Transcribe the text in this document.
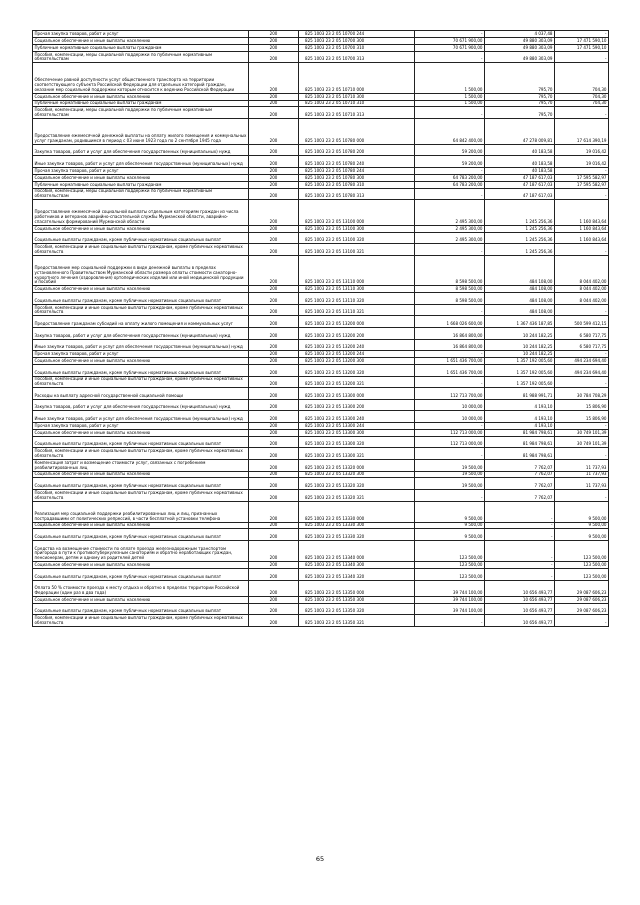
Прочая закупка товаров, работ и услуг	200	825 1003 23 2 05 10700 244	-	4 037,48	-
Социальное обеспечение и иные выплаты населению	200	825 1003 23 2 05 10700 300	70 671 900,00	49 880 303,09	17 471 590,10
Публичные нормативные социальные выплаты гражданам	200	825 1003 23 2 05 10700 310	70 671 900,00	49 880 303,09	17 471 590,10
Пособия, компенсации, меры социальной поддержки по публичным нормативным обязательствам	200	825 1003 23 2 05 10700 313	-	49 880 303,09	-
Обеспечение равной доступности услуг общественного транспорта на территории соответствующего субъекта Российской Федерации для отдельных категорий граждан, оказание мер социальной поддержки которым относится к ведению Российской Федерации	200	825 1003 23 2 05 10710 000	1 500,00	795,70	704,30
Социальное обеспечение и иные выплаты населению	200	825 1003 23 2 05 10710 300	1 500,00	795,70	704,30
Публичные нормативные социальные выплаты гражданам	200	825 1003 23 2 05 10710 310	1 500,00	795,70	704,30
Пособия, компенсации, меры социальной поддержки по публичным нормативным обязательствам	200	825 1003 23 2 05 10710 313	-	795,70	-
Предоставление ежемесячной денежной выплаты на оплату жилого помещения и коммунальных услуг гражданам, родившимся в период с 03 июня 1923 года по 2 сентября 1945 года	200	825 1003 23 2 05 10780 000	64 842 400,00	47 278 009,81	17 614 390,19
Закупка товаров, работ и услуг для обеспечения государственных (муниципальных) нужд	200	825 1003 23 2 05 10780 200	59 200,00	40 183,58	19 016,42
Иные закупки товаров, работ и услуг для обеспечения государственных (муниципальных) нужд	200	825 1003 23 2 05 10780 240	59 200,00	40 183,58	19 016,42
Прочая закупка товаров, работ и услуг	200	825 1003 23 2 05 10780 244	-	40 183,58	-
Социальное обеспечение и иные выплаты населению	200	825 1003 23 2 05 10780 300	64 783 200,00	47 187 617,03	17 595 582,97
Публичные нормативные социальные выплаты гражданам	200	825 1003 23 2 05 10780 310	64 783 200,00	47 187 617,03	17 595 582,97
Пособия, компенсации, меры социальной поддержки по публичным нормативным обязательствам	200	825 1003 23 2 05 10780 313	-	47 187 617,03	-
Предоставление ежемесячной социальной выплаты отдельным категориям граждан из числа работников и ветеранов аварийно-спасательной службы Мурманской области, аварийно-спасательных формирований Мурманской области	200	825 1003 23 2 05 13100 000	2 495 300,00	1 245 256,36	1 160 843,64
Социальное обеспечение и иные выплаты населению	200	825 1003 23 2 05 13100 300	2 495 300,00	1 245 256,36	1 160 843,64
Социальные выплаты гражданам, кроме публичных нормативных социальных выплат	200	825 1003 23 2 05 13100 320	2 495 300,00	1 245 256,36	1 160 843,64
Пособия, компенсации и иные социальные выплаты гражданам, кроме публичных нормативных обязательств	200	825 1003 23 2 05 13100 321	-	1 245 256,36	-
Предоставление мер социальной поддержки в виде денежной выплаты в пределах установленного Правительством Мурманской области размера оплаты стоимости санаторно-курортного лечения (оздоровления) ортопедических изделий или иной медицинской продукции и пособий	200	825 1003 23 2 05 13110 000	8 598 500,00	484 108,00	8 044 402,00
Социальное обеспечение и иные выплаты населению	200	825 1003 23 2 05 13110 300	8 598 500,00	484 108,00	8 044 402,00
Социальные выплаты гражданам, кроме публичных нормативных социальных выплат	200	825 1003 23 2 05 13110 320	8 598 500,00	484 108,00	8 044 402,00
Пособия, компенсации и иные социальные выплаты гражданам, кроме публичных нормативных обязательств	200	825 1003 23 2 05 13110 321	-	484 108,00	-
Предоставление гражданам субсидий на оплату жилого помещения и коммунальных услуг	200	825 1003 23 2 05 13200 000	1 668 026 600,00	1 367 436 187,85	500 599 412,15
Закупка товаров, работ и услуг для обеспечения государственных (муниципальных) нужд	200	825 1003 23 2 05 13200 200	16 864 800,00	10 244 182,25	6 580 717,75
Иные закупки товаров, работ и услуг для обеспечения государственных (муниципальных) нужд	200	825 1003 23 2 05 13200 240	16 864 800,00	10 244 182,25	6 580 717,75
Прочая закупка товаров, работ и услуг	200	825 1003 23 2 05 13200 244	-	10 244 182,25	-
Социальное обеспечение и иные выплаты населению	200	825 1003 23 2 05 13200 300	1 651 436 700,00	1 357 192 005,60	494 234 694,40
Социальные выплаты гражданам, кроме публичных нормативных социальных выплат	200	825 1003 23 2 05 13200 320	1 651 436 700,00	1 357 192 005,60	494 234 694,40
Пособия, компенсации и иные социальные выплаты гражданам, кроме публичных нормативных обязательств	200	825 1003 23 2 05 13200 321	-	1 357 192 005,60	-
Расходы на выплату адресной государственной социальной помощи	200	825 1003 23 2 05 13300 000	112 713 700,00	81 988 991,71	30 784 708,29
Закупка товаров, работ и услуг для обеспечения государственных (муниципальных) нужд	200	825 1003 23 2 05 13300 200	10 000,00	4 193,10	15 806,90
Иные закупки товаров, работ и услуг для обеспечения государственных (муниципальных) нужд	200	825 1003 23 2 05 13300 240	10 000,00	4 193,10	15 806,90
Прочая закупка товаров, работ и услуг	200	825 1003 23 2 05 13300 244	-	4 193,10	-
Социальное обеспечение и иные выплаты населению	200	825 1003 23 2 05 13300 300	112 713 000,00	81 984 798,61	30 749 101,39
Социальные выплаты гражданам, кроме публичных нормативных социальных выплат	200	825 1003 23 2 05 13300 320	112 713 000,00	81 984 798,61	30 749 101,39
Пособия, компенсации и иные социальные выплаты гражданам, кроме публичных нормативных обязательств	200	825 1003 23 2 05 13300 321	-	81 984 798,61	-
Компенсация затрат и возмещение стоимости услуг, связанных с погребением реабилитированных лиц	200	825 1003 23 2 05 13320 000	19 500,00	7 762,07	11 737,93
Социальное обеспечение и иные выплаты населению	200	825 1003 23 2 05 13320 300	19 500,00	7 762,07	11 737,93
Социальные выплаты гражданам, кроме публичных нормативных социальных выплат	200	825 1003 23 2 05 13320 320	19 500,00	7 762,07	11 737,93
Пособия, компенсации и иные социальные выплаты гражданам, кроме публичных нормативных обязательств	200	825 1003 23 2 05 13320 321	-	7 762,07	-
Реализация мер социальной поддержки реабилитированных лиц и лиц, признанных пострадавшими от политических репрессий, в части бесплатной установки телефона	200	825 1003 23 2 05 13330 000	9 500,00	-	9 500,00
Социальное обеспечение и иные выплаты населению	200	825 1003 23 2 05 13330 300	9 500,00	-	9 500,00
Социальные выплаты гражданам, кроме публичных нормативных социальных выплат	200	825 1003 23 2 05 13330 320	9 500,00	-	9 500,00
Средства на возмещение стоимости по оплате проезда железнодорожным транспортом пригорода в пути к противотуберкулезным санаториям и обратно неработающих граждан, пенсионерам, детям и одному из родителей детей	200	825 1003 23 2 05 13340 000	123 500,00	-	123 500,00
Социальное обеспечение и иные выплаты населению	200	825 1003 23 2 05 13340 300	123 500,00	-	123 500,00
Социальные выплаты гражданам, кроме публичных нормативных социальных выплат	200	825 1003 23 2 05 13340 320	123 500,00	-	123 500,00
Оплата 50 % стоимости проезда к месту отдыха и обратно в пределах территории Российской Федерации (один раз в два года)	200	825 1003 23 2 05 13350 000	39 744 100,00	10 656 493,77	29 087 606,23
Социальное обеспечение и иные выплаты населению	200	825 1003 23 2 05 13350 300	39 744 100,00	10 656 493,77	29 087 606,23
Социальные выплаты гражданам, кроме публичных нормативных социальных выплат	200	825 1003 23 2 05 13350 320	39 744 100,00	10 656 493,77	29 087 606,23
Пособия, компенсации и иные социальные выплаты гражданам, кроме публичных нормативных обязательств	200	825 1003 23 2 05 13350 321	-	10 656 493,77	-
65
